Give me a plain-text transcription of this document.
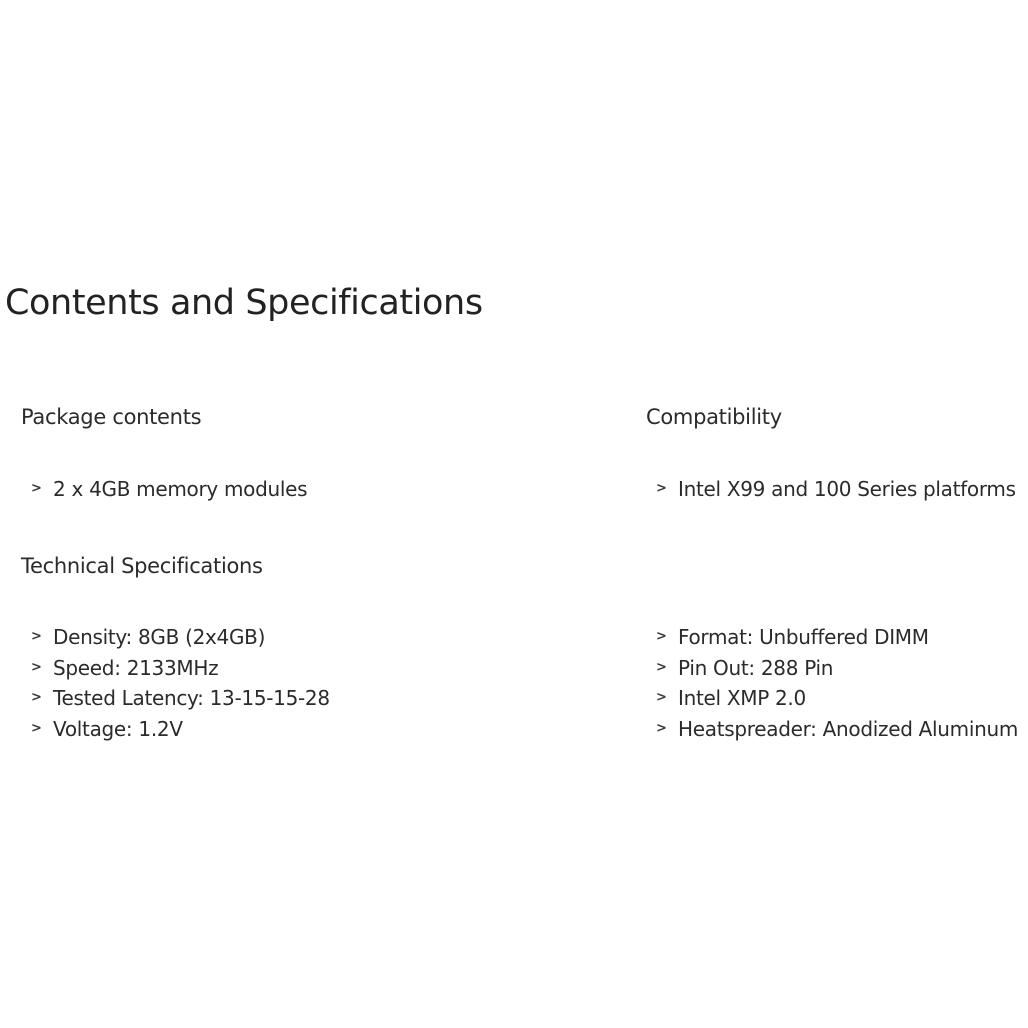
Contents and Specifications
Package contents	Compatibility
> 2 x 4GB memory modules	> Intel X99 and 100 Series platforms
Technical Specifications
> Density: 8GB (2x4GB)
> Speed: 2133MHz
> Tested Latency: 13-15-15-28
> Voltage: 1.2V
> Format: Unbuffered DIMM
> Pin Out: 288 Pin
> Intel XMP 2.0
> Heatspreader: Anodized Aluminum
